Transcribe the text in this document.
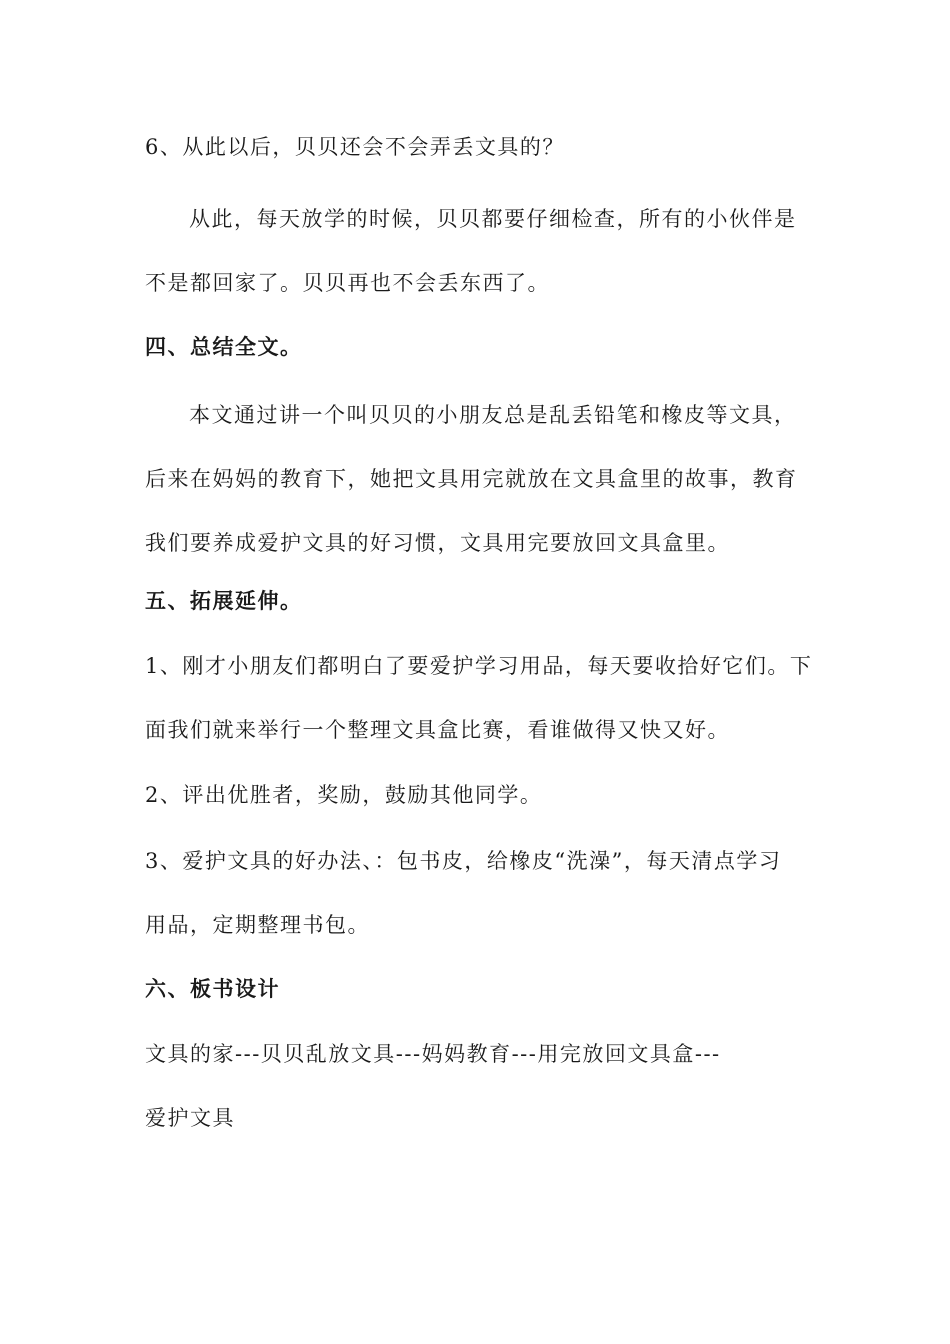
6、从此以后，贝贝还会不会弄丢文具的？
从此，每天放学的时候，贝贝都要仔细检查，所有的小伙伴是
不是都回家了。贝贝再也不会丢东西了。
四、总结全文。
本文通过讲一个叫贝贝的小朋友总是乱丢铅笔和橡皮等文具，
后来在妈妈的教育下，她把文具用完就放在文具盒里的故事，教育
我们要养成爱护文具的好习惯，文具用完要放回文具盒里。
五、拓展延伸。
1、刚才小朋友们都明白了要爱护学习用品，每天要收拾好它们。下
面我们就来举行一个整理文具盒比赛，看谁做得又快又好。
2、评出优胜者，奖励，鼓励其他同学。
3、爱护文具的好办法、：包书皮，给橡皮“洗澡”，每天清点学习
用品，定期整理书包。
六、板书设计
文具的家---贝贝乱放文具---妈妈教育---用完放回文具盒---
爱护文具
